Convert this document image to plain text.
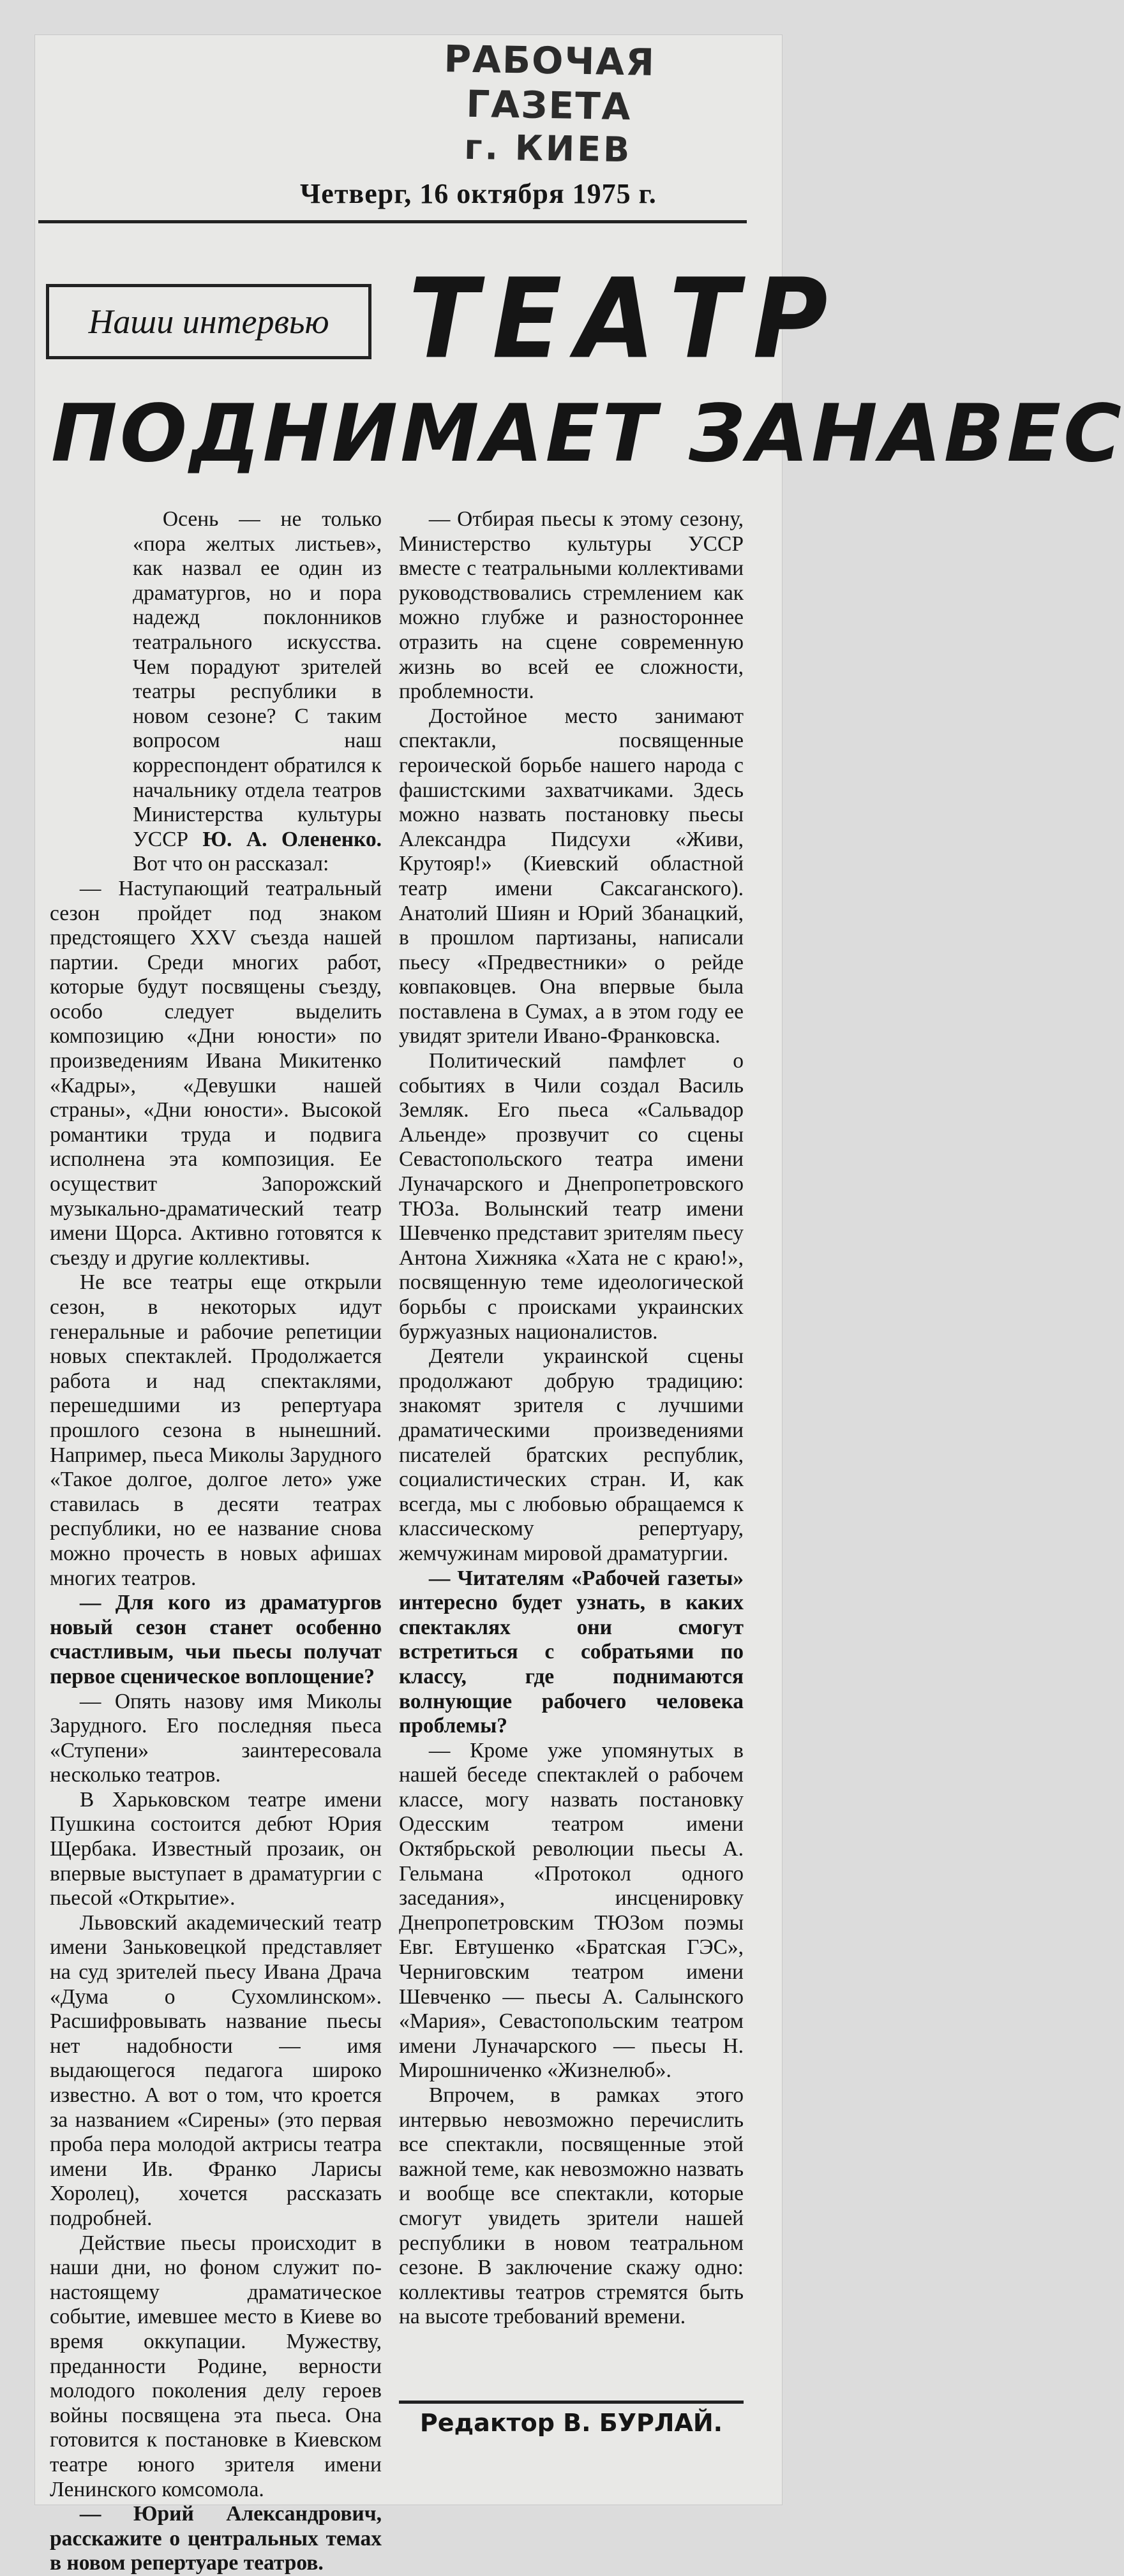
РАБОЧАЯ ГАЗЕТА
г. КИЕВ
Четверг, 16 октября 1975 г.
Наши интервью ТЕАТР
ПОДНИМАЕТ ЗАНАВЕС

Осень — не только «пора желтых листьев», как назвал ее один из драматургов, но и пора надежд поклонников театрального искусства. Чем порадуют зрителей театры республики в новом сезоне? С таким вопросом наш корреспондент обратился к начальнику отдела театров Министерства культуры УССР Ю. А. Олененко. Вот что он рассказал:

— Наступающий театральный сезон пройдет под знаком предстоящего XXV съезда нашей партии. Среди многих работ, которые будут посвящены съезду, особо следует выделить композицию «Дни юности» по произведениям Ивана Микитенко «Кадры», «Девушки нашей страны», «Дни юности». Высокой романтики труда и подвига исполнена эта композиция. Ее осуществит Запорожский музыкально-драматический театр имени Щорса. Активно готовятся к съезду и другие коллективы.

Не все театры еще открыли сезон, в некоторых идут генеральные и рабочие репетиции новых спектаклей. Продолжается работа и над спектаклями, перешедшими из репертуара прошлого сезона в нынешний. Например, пьеса Миколы Зарудного «Такое долгое, долгое лето» уже ставилась в десяти театрах республики, но ее название снова можно прочесть в новых афишах многих театров.

— Для кого из драматургов новый сезон станет особенно счастливым, чьи пьесы получат первое сценическое воплощение?

— Опять назову имя Миколы Зарудного. Его последняя пьеса «Ступени» заинтересовала несколько театров.

В Харьковском театре имени Пушкина состоится дебют Юрия Щербака. Известный прозаик, он впервые выступает в драматургии с пьесой «Открытие».

Львовский академический театр имени Заньковецкой представляет на суд зрителей пьесу Ивана Драча «Дума о Сухомлинском». Расшифровывать название пьесы нет надобности — имя выдающегося педагога широко известно. А вот о том, что кроется за названием «Сирены» (это первая проба пера молодой актрисы театра имени Ив. Франко Ларисы Хоролец), хочется рассказать подробней.

Действие пьесы происходит в наши дни, но фоном служит по-настоящему драматическое событие, имевшее место в Киеве во время оккупации. Мужеству, преданности Родине, верности молодого поколения делу героев войны посвящена эта пьеса. Она готовится к постановке в Киевском театре юного зрителя имени Ленинского комсомола.

— Юрий Александрович, расскажите о центральных темах в новом репертуаре театров.

— Отбирая пьесы к этому сезону, Министерство культуры УССР вместе с театральными коллективами руководствовались стремлением как можно глубже и разностороннее отразить на сцене современную жизнь во всей ее сложности, проблемности.

Достойное место занимают спектакли, посвященные героической борьбе нашего народа с фашистскими захватчиками. Здесь можно назвать постановку пьесы Александра Пидсухи «Живи, Крутояр!» (Киевский областной театр имени Саксаганского). Анатолий Шиян и Юрий Збанацкий, в прошлом партизаны, написали пьесу «Предвестники» о рейде ковпаковцев. Она впервые была поставлена в Сумах, а в этом году ее увидят зрители Ивано-Франковска.

Политический памфлет о событиях в Чили создал Василь Земляк. Его пьеса «Сальвадор Альенде» прозвучит со сцены Севастопольского театра имени Луначарского и Днепропетровского ТЮЗа. Волынский театр имени Шевченко представит зрителям пьесу Антона Хижняка «Хата не с краю!», посвященную теме идеологической борьбы с происками украинских буржуазных националистов.

Деятели украинской сцены продолжают добрую традицию: знакомят зрителя с лучшими драматическими произведениями писателей братских республик, социалистических стран. И, как всегда, мы с любовью обращаемся к классическому репертуару, жемчужинам мировой драматургии.

— Читателям «Рабочей газеты» интересно будет узнать, в каких спектаклях они смогут встретиться с собратьями по классу, где поднимаются волнующие рабочего человека проблемы?

— Кроме уже упомянутых в нашей беседе спектаклей о рабочем классе, могу назвать постановку Одесским театром имени Октябрьской революции пьесы А. Гельмана «Протокол одного заседания», инсценировку Днепропетровским ТЮЗом поэмы Евг. Евтушенко «Братская ГЭС», Черниговским театром имени Шевченко — пьесы А. Салынского «Мария», Севастопольским театром имени Луначарского — пьесы Н. Мирошниченко «Жизнелюб».

Впрочем, в рамках этого интервью невозможно перечислить все спектакли, посвященные этой важной теме, как невозможно назвать и вообще все спектакли, которые смогут увидеть зрители нашей республики в новом театральном сезоне. В заключение скажу одно: коллективы театров стремятся быть на высоте требований времени.

Редактор В. БУРЛАЙ.
